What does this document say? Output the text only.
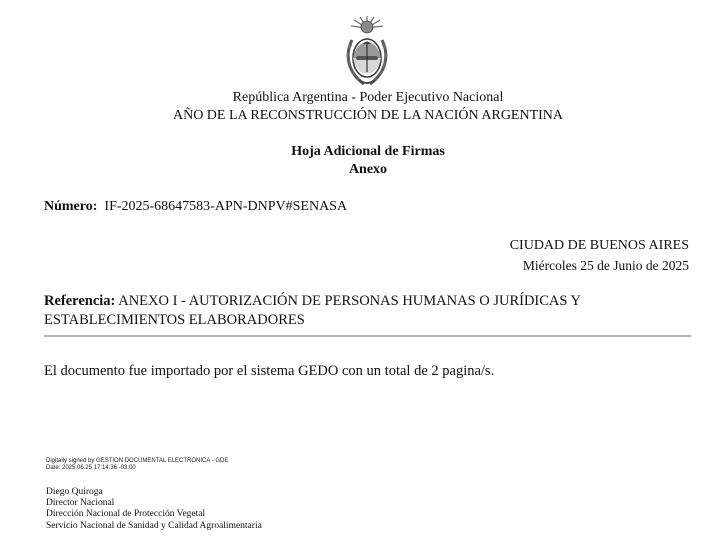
República Argentina - Poder Ejecutivo Nacional
AÑO DE LA RECONSTRUCCIÓN DE LA NACIÓN ARGENTINA
Hoja Adicional de Firmas
Anexo
Número: IF-2025-68647583-APN-DNPV#SENASA
CIUDAD DE BUENOS AIRES
Miércoles 25 de Junio de 2025
Referencia: ANEXO I - AUTORIZACIÓN DE PERSONAS HUMANAS O JURÍDICAS Y ESTABLECIMIENTOS ELABORADORES
El documento fue importado por el sistema GEDO con un total de 2 pagina/s.
Digitally signed by GESTION DOCUMENTAL ELECTRONICA - GDE
Date: 2025.06.25 17:14:36 -03:00
Diego Quiroga
Director Nacional
Dirección Nacional de Protección Vegetal
Servicio Nacional de Sanidad y Calidad Agroalimentaria
